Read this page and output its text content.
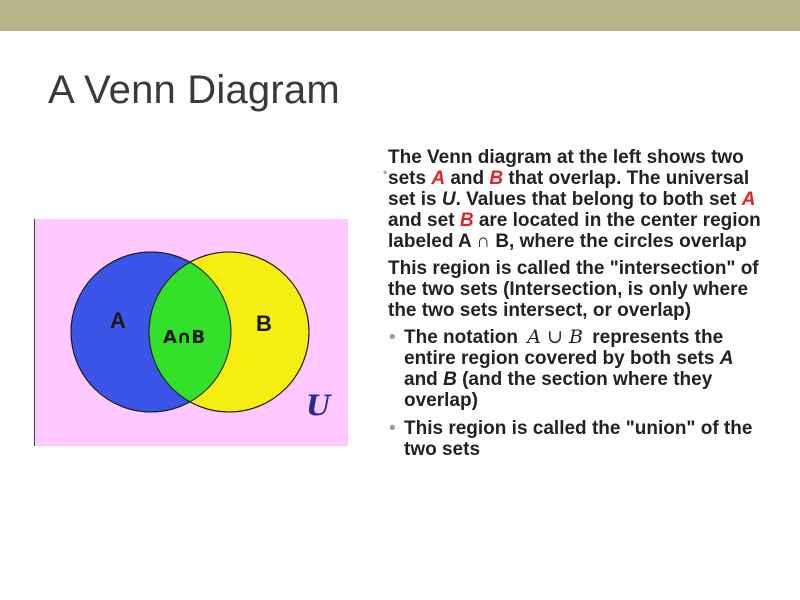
A Venn Diagram
A	B
A∩B
U
•

The Venn diagram at the left shows two sets A and B that overlap. The universal set is U. Values that belong to both set A and set B are located in the center region labeled A ∩ B, where the circles overlap

This region is called the "intersection" of the two sets (Intersection, is only where the two sets intersect, or overlap)

• The notation A ∪ B represents the entire region covered by both sets A and B (and the section where they overlap)
• This region is called the "union" of the two sets
